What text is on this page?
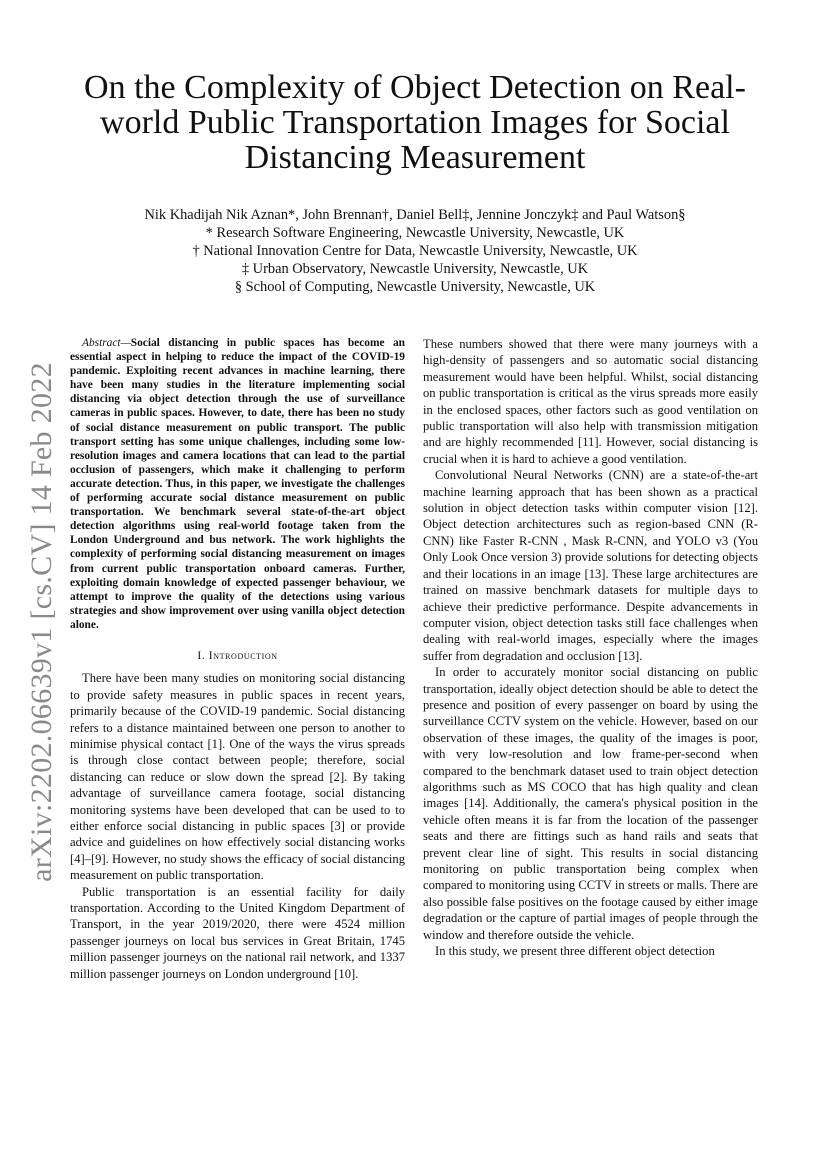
arXiv:2202.06639v1 [cs.CV] 14 Feb 2022
On the Complexity of Object Detection on Real-world Public Transportation Images for Social Distancing Measurement
Nik Khadijah Nik Aznan*, John Brennan†, Daniel Bell‡, Jennine Jonczyk‡ and Paul Watson§
* Research Software Engineering, Newcastle University, Newcastle, UK
† National Innovation Centre for Data, Newcastle University, Newcastle, UK
‡ Urban Observatory, Newcastle University, Newcastle, UK
§ School of Computing, Newcastle University, Newcastle, UK

Abstract—Social distancing in public spaces has become an essential aspect in helping to reduce the impact of the COVID-19 pandemic. Exploiting recent advances in machine learning, there have been many studies in the literature implementing social distancing via object detection through the use of surveillance cameras in public spaces. However, to date, there has been no study of social distance measurement on public transport. The public transport setting has some unique challenges, including some low-resolution images and camera locations that can lead to the partial occlusion of passengers, which make it challenging to perform accurate detection. Thus, in this paper, we investigate the challenges of performing accurate social distance measurement on public transportation. We benchmark several state-of-the-art object detection algorithms using real-world footage taken from the London Underground and bus network. The work highlights the complexity of performing social distancing measurement on images from current public transportation onboard cameras. Further, exploiting domain knowledge of expected passenger behaviour, we attempt to improve the quality of the detections using various strategies and show improvement over using vanilla object detection alone.

I. Introduction

There have been many studies on monitoring social distancing to provide safety measures in public spaces in recent years, primarily because of the COVID-19 pandemic. Social distancing refers to a distance maintained between one person to another to minimise physical contact [1]. One of the ways the virus spreads is through close contact between people; therefore, social distancing can reduce or slow down the spread [2]. By taking advantage of surveillance camera footage, social distancing monitoring systems have been developed that can be used to to either enforce social distancing in public spaces [3] or provide advice and guidelines on how effectively social distancing works [4]–[9]. However, no study shows the efficacy of social distancing measurement on public transportation.

Public transportation is an essential facility for daily transportation. According to the United Kingdom Department of Transport, in the year 2019/2020, there were 4524 million passenger journeys on local bus services in Great Britain, 1745 million passenger journeys on the national rail network, and 1337 million passenger journeys on London underground [10].

These numbers showed that there were many journeys with a high-density of passengers and so automatic social distancing measurement would have been helpful. Whilst, social distancing on public transportation is critical as the virus spreads more easily in the enclosed spaces, other factors such as good ventilation on public transportation will also help with transmission mitigation and are highly recommended [11]. However, social distancing is crucial when it is hard to achieve a good ventilation.

Convolutional Neural Networks (CNN) are a state-of-the-art machine learning approach that has been shown as a practical solution in object detection tasks within computer vision [12]. Object detection architectures such as region-based CNN (R-CNN) like Faster R-CNN , Mask R-CNN, and YOLO v3 (You Only Look Once version 3) provide solutions for detecting objects and their locations in an image [13]. These large architectures are trained on massive benchmark datasets for multiple days to achieve their predictive performance. Despite advancements in computer vision, object detection tasks still face challenges when dealing with real-world images, especially where the images suffer from degradation and occlusion [13].

In order to accurately monitor social distancing on public transportation, ideally object detection should be able to detect the presence and position of every passenger on board by using the surveillance CCTV system on the vehicle. However, based on our observation of these images, the quality of the images is poor, with very low-resolution and low frame-per-second when compared to the benchmark dataset used to train object detection algorithms such as MS COCO that has high quality and clean images [14]. Additionally, the camera's physical position in the vehicle often means it is far from the location of the passenger seats and there are fittings such as hand rails and seats that prevent clear line of sight. This results in social distancing monitoring on public transportation being complex when compared to monitoring using CCTV in streets or malls. There are also possible false positives on the footage caused by either image degradation or the capture of partial images of people through the window and therefore outside the vehicle.

In this study, we present three different object detection
